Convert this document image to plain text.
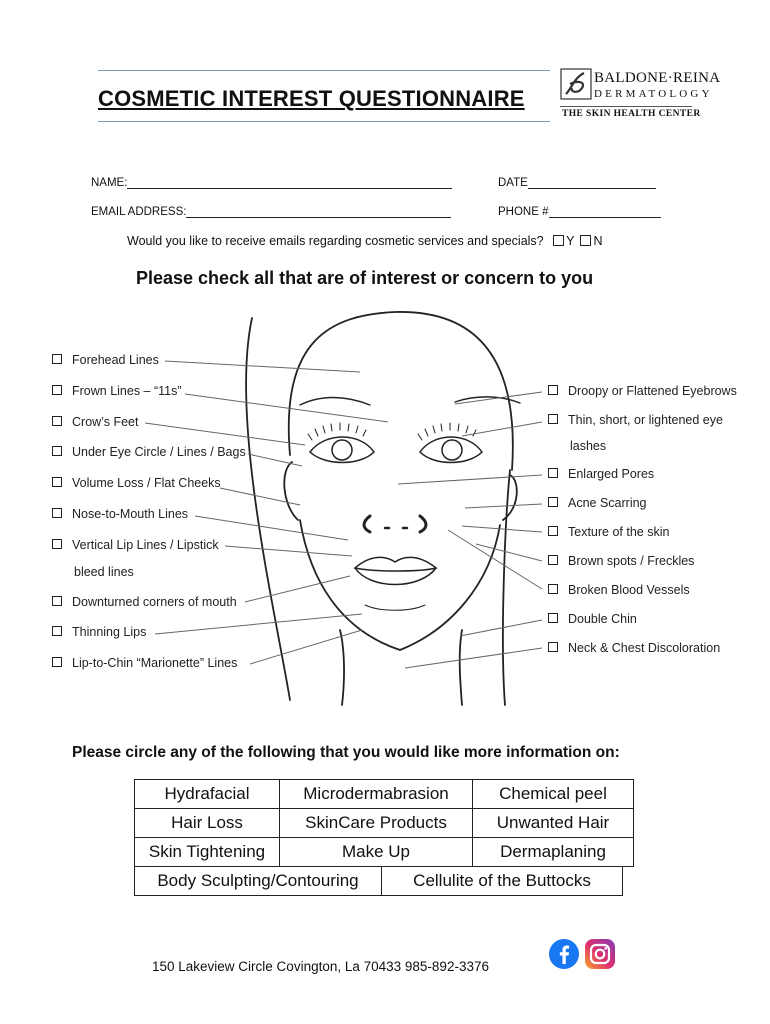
COSMETIC INTEREST QUESTIONNAIRE
BALDONE·REINA
DERMATOLOGY
THE SKIN HEALTH CENTER
NAME:	DATE
EMAIL ADDRESS:	PHONE #
Would you like to receive emails regarding cosmetic services and specials? Y N
Please check all that are of interest or concern to you
Forehead Lines
Frown Lines – “11s”
Crow’s Feet
Under Eye Circle / Lines / Bags
Volume Loss / Flat Cheeks
Nose-to-Mouth Lines
Vertical Lip Lines / Lipstick
bleed lines
Downturned corners of mouth
Thinning Lips
Lip-to-Chin “Marionette” Lines
Droopy or Flattened Eyebrows
Thin, short, or lightened eye
lashes
Enlarged Pores
Acne Scarring
Texture of the skin
Brown spots / Freckles
Broken Blood Vessels
Double Chin
Neck & Chest Discoloration
Please circle any of the following that you would like more information on:
Hydrafacial	Microdermabrasion	Chemical peel
Hair Loss	SkinCare Products	Unwanted Hair
Skin Tightening	Make Up	Dermaplaning
Body Sculpting/Contouring	Cellulite of the Buttocks
150 Lakeview Circle Covington, La 70433 985-892-3376
